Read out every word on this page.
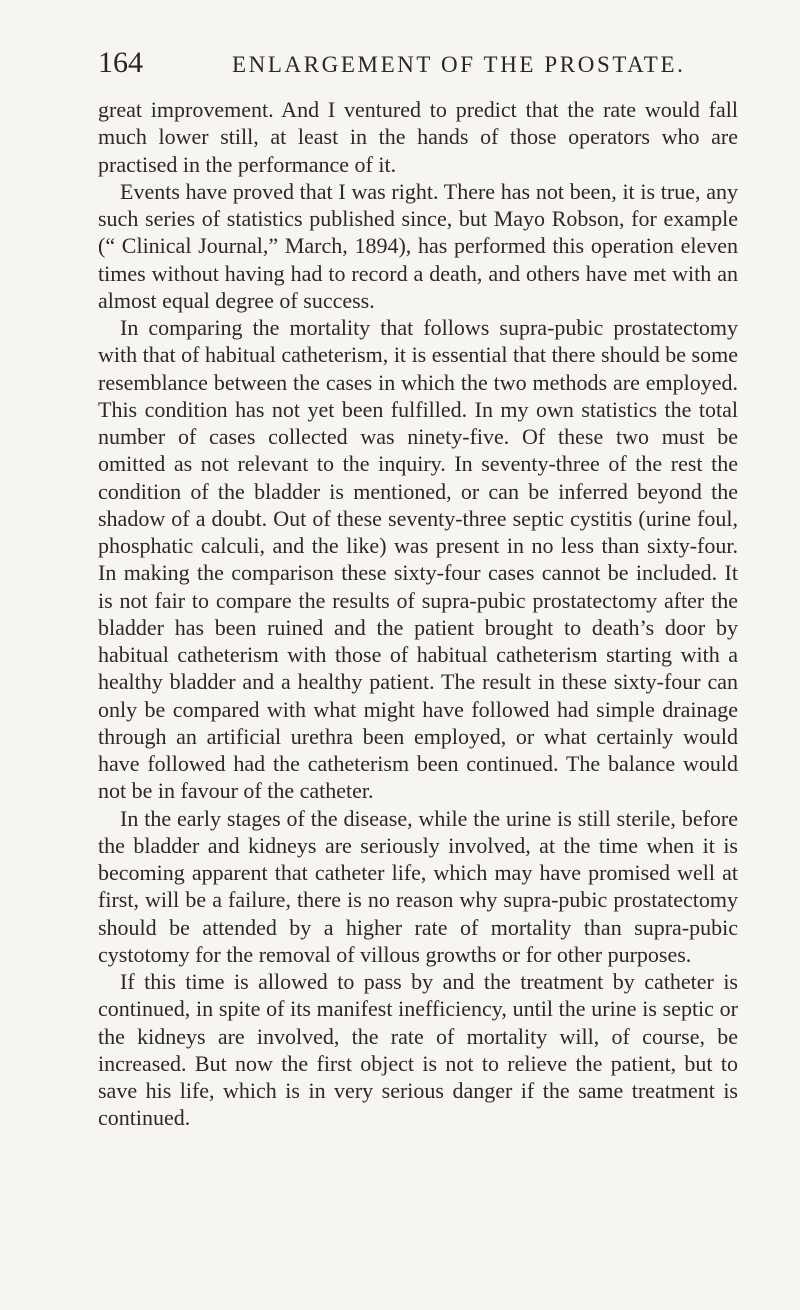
164	ENLARGEMENT OF THE PROSTATE.

great improvement. And I ventured to predict that the rate would fall much lower still, at least in the hands of those operators who are practised in the performance of it.

Events have proved that I was right. There has not been, it is true, any such series of statistics published since, but Mayo Robson, for example (“ Clinical Journal,” March, 1894), has performed this operation eleven times without having had to record a death, and others have met with an almost equal degree of success.

In comparing the mortality that follows supra-pubic prostatectomy with that of habitual catheterism, it is essential that there should be some resemblance between the cases in which the two methods are employed. This condition has not yet been fulfilled. In my own statistics the total number of cases collected was ninety-five. Of these two must be omitted as not relevant to the inquiry. In seventy-three of the rest the condition of the bladder is mentioned, or can be inferred beyond the shadow of a doubt. Out of these seventy-three septic cystitis (urine foul, phosphatic calculi, and the like) was present in no less than sixty-four. In making the comparison these sixty-four cases cannot be included. It is not fair to compare the results of supra-pubic prostatectomy after the bladder has been ruined and the patient brought to death’s door by habitual catheterism with those of habitual catheterism starting with a healthy bladder and a healthy patient. The result in these sixty-four can only be compared with what might have followed had simple drainage through an artificial urethra been employed, or what certainly would have followed had the catheterism been continued. The balance would not be in favour of the catheter.

In the early stages of the disease, while the urine is still sterile, before the bladder and kidneys are seriously involved, at the time when it is becoming apparent that catheter life, which may have promised well at first, will be a failure, there is no reason why supra-pubic prostatectomy should be attended by a higher rate of mortality than supra-pubic cystotomy for the removal of villous growths or for other purposes.

If this time is allowed to pass by and the treatment by catheter is continued, in spite of its manifest inefficiency, until the urine is septic or the kidneys are involved, the rate of mortality will, of course, be increased. But now the first object is not to relieve the patient, but to save his life, which is in very serious danger if the same treatment is continued.
